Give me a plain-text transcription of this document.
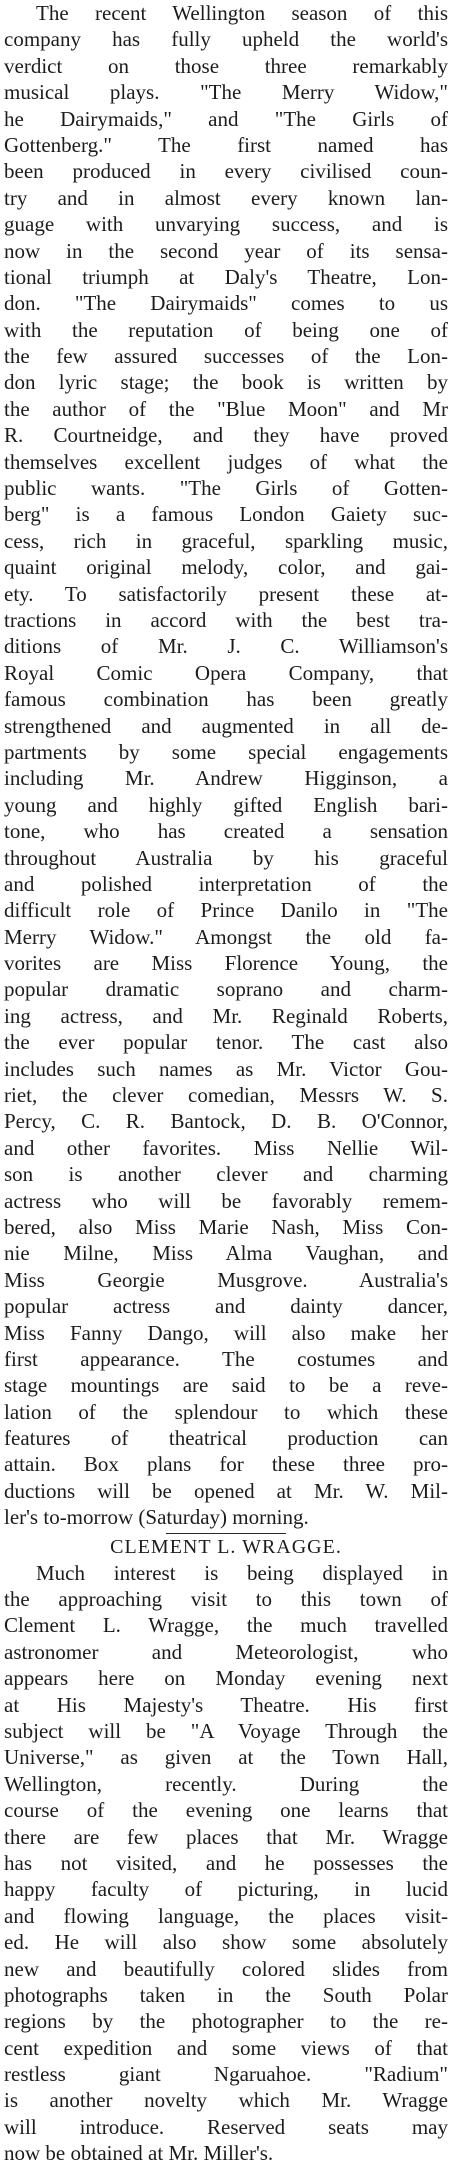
The recent Wellington season of this
company has fully upheld the world's
verdict on those three remarkably
musical plays. "The Merry Widow,"
he Dairymaids," and "The Girls of
Gottenberg." The first named has
been produced in every civilised coun-
try and in almost every known lan-
guage with unvarying success, and is
now in the second year of its sensa-
tional triumph at Daly's Theatre, Lon-
don. "The Dairymaids" comes to us
with the reputation of being one of
the few assured successes of the Lon-
don lyric stage; the book is written by
the author of the "Blue Moon" and Mr
R. Courtneidge, and they have proved
themselves excellent judges of what the
public wants. "The Girls of Gotten-
berg" is a famous London Gaiety suc-
cess, rich in graceful, sparkling music,
quaint original melody, color, and gai-
ety. To satisfactorily present these at-
tractions in accord with the best tra-
ditions of Mr. J. C. Williamson's
Royal Comic Opera Company, that
famous combination has been greatly
strengthened and augmented in all de-
partments by some special engagements
including Mr. Andrew Higginson, a
young and highly gifted English bari-
tone, who has created a sensation
throughout Australia by his graceful
and polished interpretation of the
difficult role of Prince Danilo in "The
Merry Widow." Amongst the old fa-
vorites are Miss Florence Young, the
popular dramatic soprano and charm-
ing actress, and Mr. Reginald Roberts,
the ever popular tenor. The cast also
includes such names as Mr. Victor Gou-
riet, the clever comedian, Messrs W. S.
Percy, C. R. Bantock, D. B. O'Connor,
and other favorites. Miss Nellie Wil-
son is another clever and charming
actress who will be favorably remem-
bered, also Miss Marie Nash, Miss Con-
nie Milne, Miss Alma Vaughan, and
Miss Georgie Musgrove. Australia's
popular actress and dainty dancer,
Miss Fanny Dango, will also make her
first appearance. The costumes and
stage mountings are said to be a reve-
lation of the splendour to which these
features of theatrical production can
attain. Box plans for these three pro-
ductions will be opened at Mr. W. Mil-
ler's to-morrow (Saturday) morning.
CLEMENT L. WRAGGE.
Much interest is being displayed in
the approaching visit to this town of
Clement L. Wragge, the much travelled
astronomer and Meteorologist, who
appears here on Monday evening next
at His Majesty's Theatre. His first
subject will be "A Voyage Through the
Universe," as given at the Town Hall,
Wellington, recently. During the
course of the evening one learns that
there are few places that Mr. Wragge
has not visited, and he possesses the
happy faculty of picturing, in lucid
and flowing language, the places visit-
ed. He will also show some absolutely
new and beautifully colored slides from
photographs taken in the South Polar
regions by the photographer to the re-
cent expedition and some views of that
restless giant Ngaruahoe. "Radium"
is another novelty which Mr. Wragge
will introduce. Reserved seats may
now be obtained at Mr. Miller's.
